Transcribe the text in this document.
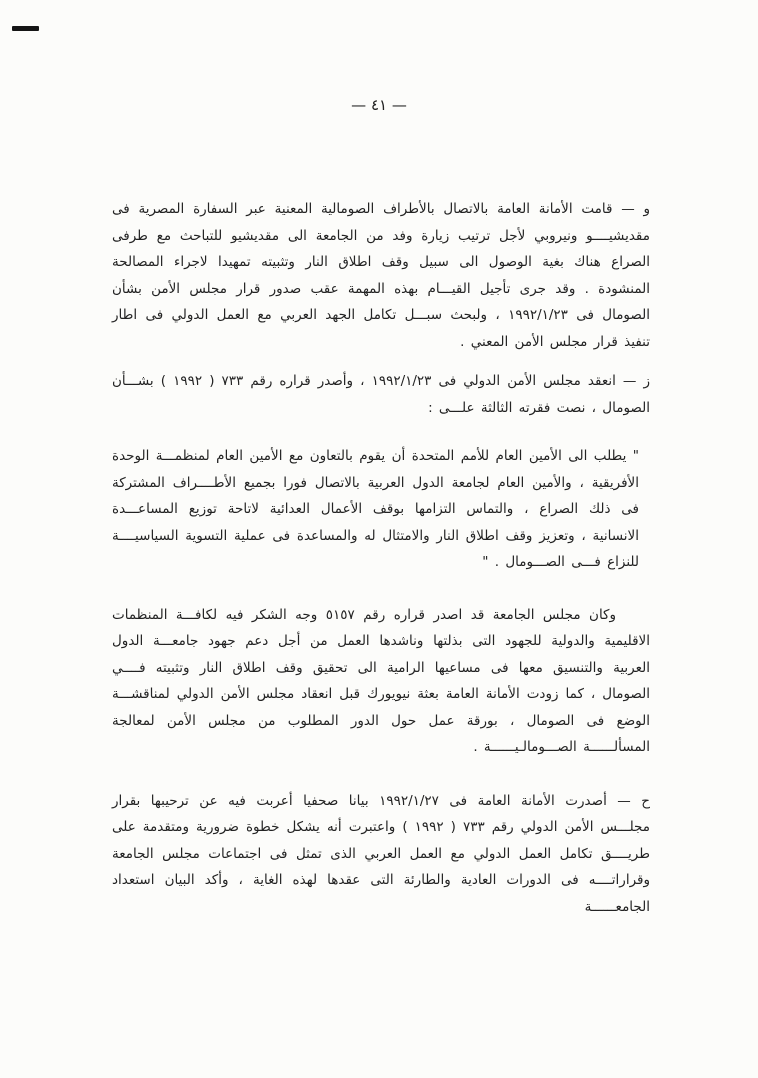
— ٤١ —

و — قامت الأمانة العامة بالاتصال بالأطراف الصومالية المعنية عبر السفارة المصرية فى مقديشيــــو ونيروبي لأجل ترتيب زيارة وفد من الجامعة الى مقديشيو للتباحث مع طرفى الصراع هناك بغية الوصول الى سبيل وقف اطلاق النار وتثبيته تمهيدا لاجراء المصالحة المنشودة . وقد جرى تأجيل القيـــام بهذه المهمة عقب صدور قرار مجلس الأمن بشأن الصومال فى ١٩٩٢/١/٢٣ ، ولبحث سبـــل تكامل الجهد العربي مع العمل الدولي فى اطار تنفيذ قرار مجلس الأمن المعني .

ز — انعقد مجلس الأمن الدولي فى ١٩٩٢/١/٢٣ ، وأصدر قراره رقم ٧٣٣ ( ١٩٩٢ ) بشـــأن الصومال ، نصت فقرته الثالثة علـــى :

" يطلب الى الأمين العام للأمم المتحدة أن يقوم بالتعاون مع الأمين العام لمنظمـــة الوحدة الأفريقية ، والأمين العام لجامعة الدول العربية بالاتصال فورا بجميع الأطــــراف المشتركة فى ذلك الصراع ، والتماس التزامها بوقف الأعمال العدائية لاتاحة توزيع المساعـــدة الانسانية ، وتعزيز وقف اطلاق النار والامتثال له والمساعدة فى عملية التسوية السياسيــــة للنزاع فـــى الصـــومال . "

وكان مجلس الجامعة قد اصدر قراره رقم ٥١٥٧ وجه الشكر فيه لكافـــة المنظمات الاقليمية والدولية للجهود التى بذلتها وناشدها العمل من أجل دعم جهود جامعـــة الدول العربية والتنسيق معها فى مساعيها الرامية الى تحقيق وقف اطلاق النار وتثبيته فــــي الصومال ، كما زودت الأمانة العامة بعثة نيويورك قبل انعقاد مجلس الأمن الدولي لمناقشـــة الوضع فى الصومال ، بورقة عمل حول الدور المطلوب من مجلس الأمن لمعالجة المسألــــــة الصـــومالـيــــــة .

ح — أصدرت الأمانة العامة فى ١٩٩٢/١/٢٧ بيانا صحفيا أعربت فيه عن ترحيبها بقرار مجلـــس الأمن الدولي رقم ٧٣٣ ( ١٩٩٢ ) واعتبرت أنه يشكل خطوة ضرورية ومتقدمة على طريــــق تكامل العمل الدولي مع العمل العربي الذى تمثل فى اجتماعات مجلس الجامعة وقراراتــــه فى الدورات العادية والطارئة التى عقدها لهذه الغاية ، وأكد البيان استعداد الجامعــــــة
